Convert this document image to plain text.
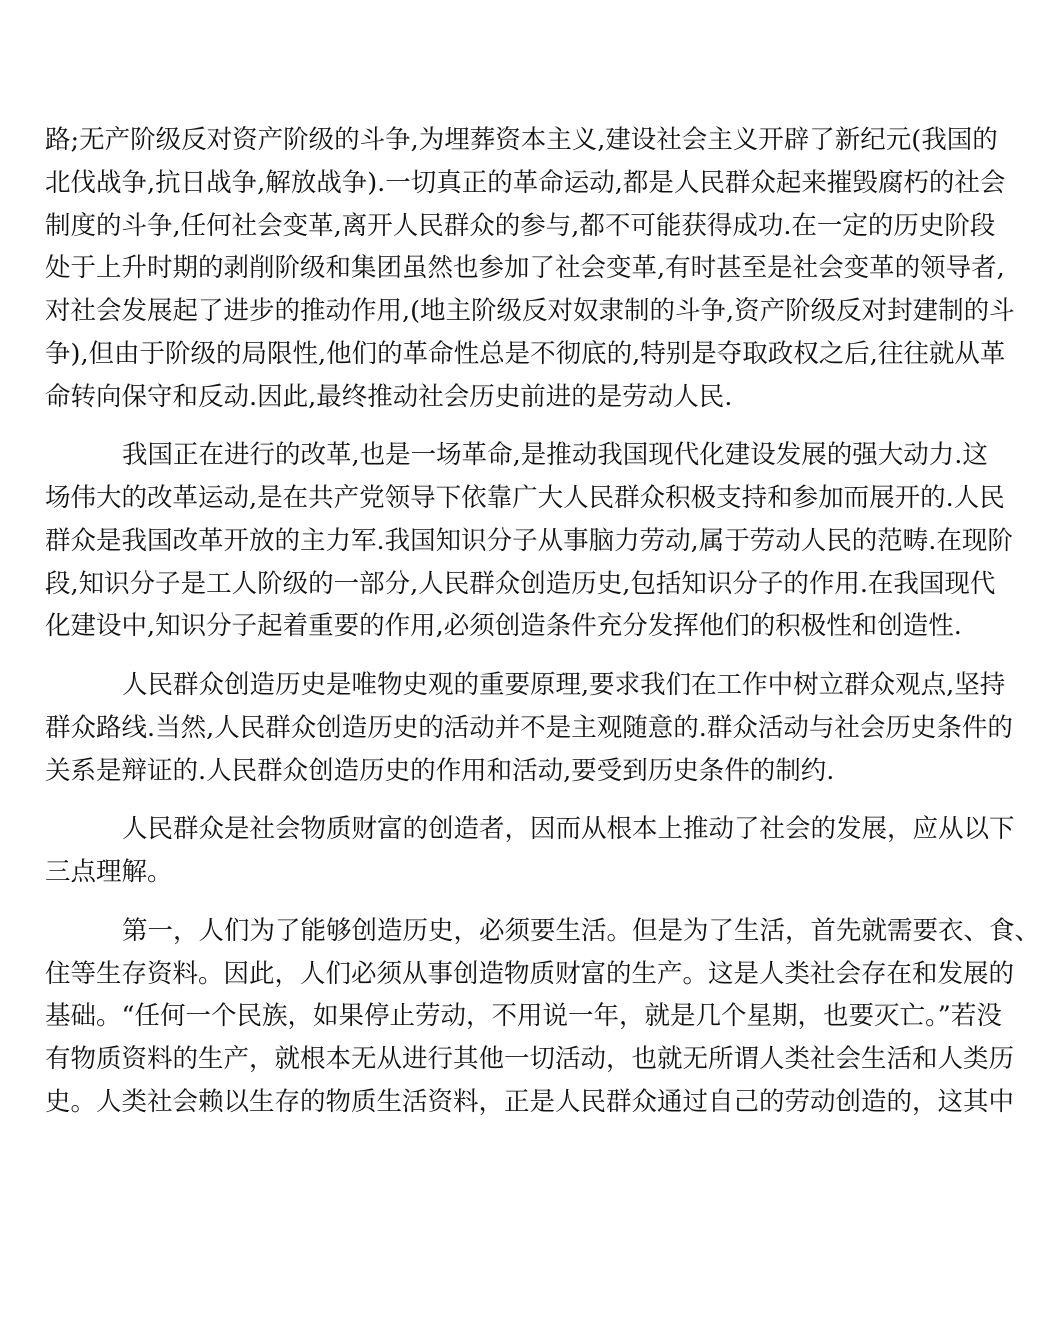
路;无产阶级反对资产阶级的斗争,为埋葬资本主义,建设社会主义开辟了新纪元(我国的
北伐战争,抗日战争,解放战争).一切真正的革命运动,都是人民群众起来摧毁腐朽的社会
制度的斗争,任何社会变革,离开人民群众的参与,都不可能获得成功.在一定的历史阶段
处于上升时期的剥削阶级和集团虽然也参加了社会变革,有时甚至是社会变革的领导者,
对社会发展起了进步的推动作用,(地主阶级反对奴隶制的斗争,资产阶级反对封建制的斗
争),但由于阶级的局限性,他们的革命性总是不彻底的,特别是夺取政权之后,往往就从革
命转向保守和反动.因此,最终推动社会历史前进的是劳动人民.
我国正在进行的改革,也是一场革命,是推动我国现代化建设发展的强大动力.这
场伟大的改革运动,是在共产党领导下依靠广大人民群众积极支持和参加而展开的.人民
群众是我国改革开放的主力军.我国知识分子从事脑力劳动,属于劳动人民的范畴.在现阶
段,知识分子是工人阶级的一部分,人民群众创造历史,包括知识分子的作用.在我国现代
化建设中,知识分子起着重要的作用,必须创造条件充分发挥他们的积极性和创造性.
人民群众创造历史是唯物史观的重要原理,要求我们在工作中树立群众观点,坚持
群众路线.当然,人民群众创造历史的活动并不是主观随意的.群众活动与社会历史条件的
关系是辩证的.人民群众创造历史的作用和活动,要受到历史条件的制约.
人民群众是社会物质财富的创造者，因而从根本上推动了社会的发展，应从以下
三点理解。
第一，人们为了能够创造历史，必须要生活。但是为了生活，首先就需要衣、食、
住等生存资料。因此，人们必须从事创造物质财富的生产。这是人类社会存在和发展的
基础。“任何一个民族，如果停止劳动，不用说一年，就是几个星期，也要灭亡。”若没
有物质资料的生产，就根本无从进行其他一切活动，也就无所谓人类社会生活和人类历
史。人类社会赖以生存的物质生活资料，正是人民群众通过自己的劳动创造的，这其中
